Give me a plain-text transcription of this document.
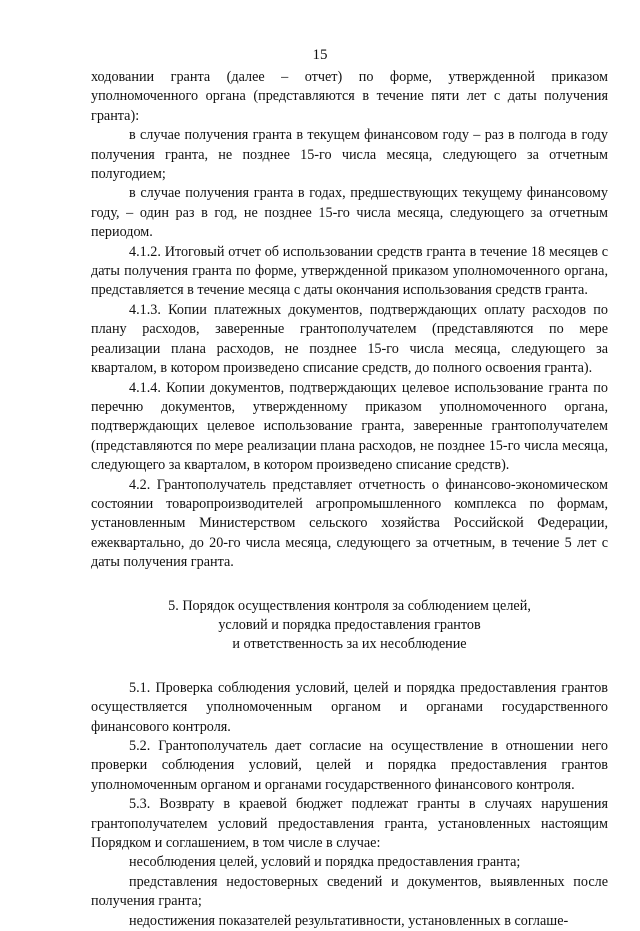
15

ходовании гранта (далее – отчет) по форме, утвержденной приказом уполномоченного органа (представляются в течение пяти лет с даты получения гранта):

в случае получения гранта в текущем финансовом году – раз в полгода в году получения гранта, не позднее 15-го числа месяца, следующего за отчетным полугодием;

в случае получения гранта в годах, предшествующих текущему финансовому году, – один раз в год, не позднее 15-го числа месяца, следующего за отчетным периодом.

4.1.2. Итоговый отчет об использовании средств гранта в течение 18 месяцев с даты получения гранта по форме, утвержденной приказом уполномоченного органа, представляется в течение месяца с даты окончания использования средств гранта.

4.1.3. Копии платежных документов, подтверждающих оплату расходов по плану расходов, заверенные грантополучателем (представляются по мере реализации плана расходов, не позднее 15-го числа месяца, следующего за кварталом, в котором произведено списание средств, до полного освоения гранта).

4.1.4. Копии документов, подтверждающих целевое использование гранта по перечню документов, утвержденному приказом уполномоченного органа, подтверждающих целевое использование гранта, заверенные грантополучателем (представляются по мере реализации плана расходов, не позднее 15-го числа месяца, следующего за кварталом, в котором произведено списание средств).

4.2. Грантополучатель представляет отчетность о финансово-экономическом состоянии товаропроизводителей агропромышленного комплекса по формам, установленным Министерством сельского хозяйства Российской Федерации, ежеквартально, до 20-го числа месяца, следующего за отчетным, в течение 5 лет с даты получения гранта.

5. Порядок осуществления контроля за соблюдением целей,
условий и порядка предоставления грантов
и ответственность за их несоблюдение

5.1. Проверка соблюдения условий, целей и порядка предоставления грантов осуществляется уполномоченным органом и органами государственного финансового контроля.

5.2. Грантополучатель дает согласие на осуществление в отношении него проверки соблюдения условий, целей и порядка предоставления грантов уполномоченным органом и органами государственного финансового контроля.

5.3. Возврату в краевой бюджет подлежат гранты в случаях нарушения грантополучателем условий предоставления гранта, установленных настоящим Порядком и соглашением, в том числе в случае:

несоблюдения целей, условий и порядка предоставления гранта;

представления недостоверных сведений и документов, выявленных после получения гранта;

недостижения показателей результативности, установленных в соглаше-
